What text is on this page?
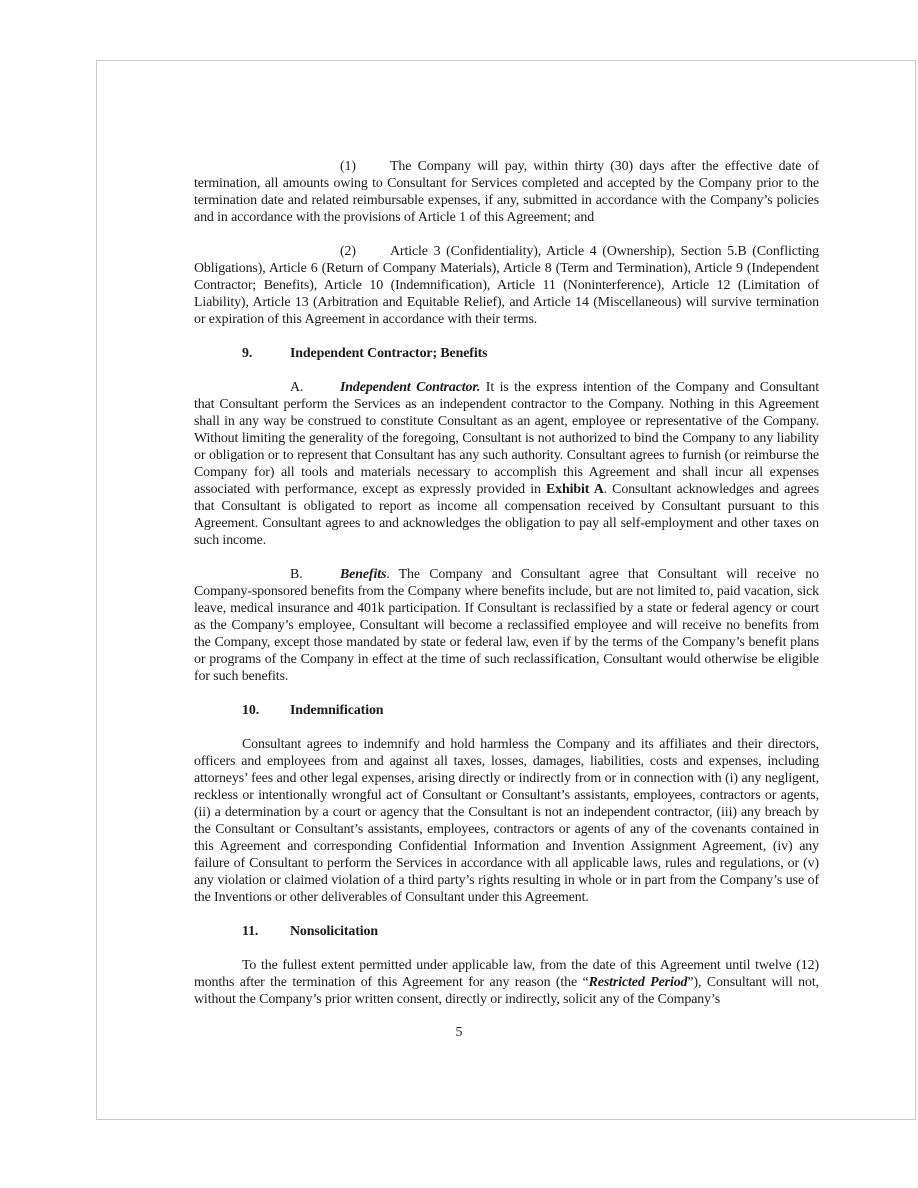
(1) The Company will pay, within thirty (30) days after the effective date of termination, all amounts owing to Consultant for Services completed and accepted by the Company prior to the termination date and related reimbursable expenses, if any, submitted in accordance with the Company’s policies and in accordance with the provisions of Article 1 of this Agreement; and

(2) Article 3 (Confidentiality), Article 4 (Ownership), Section 5.B (Conflicting Obligations), Article 6 (Return of Company Materials), Article 8 (Term and Termination), Article 9 (Independent Contractor; Benefits), Article 10 (Indemnification), Article 11 (Noninterference), Article 12 (Limitation of Liability), Article 13 (Arbitration and Equitable Relief), and Article 14 (Miscellaneous) will survive termination or expiration of this Agreement in accordance with their terms.

9.	Independent Contractor; Benefits

A.	Independent Contractor. It is the express intention of the Company and Consultant that Consultant perform the Services as an independent contractor to the Company. Nothing in this Agreement shall in any way be construed to constitute Consultant as an agent, employee or representative of the Company. Without limiting the generality of the foregoing, Consultant is not authorized to bind the Company to any liability or obligation or to represent that Consultant has any such authority. Consultant agrees to furnish (or reimburse the Company for) all tools and materials necessary to accomplish this Agreement and shall incur all expenses associated with performance, except as expressly provided in Exhibit A. Consultant acknowledges and agrees that Consultant is obligated to report as income all compensation received by Consultant pursuant to this Agreement. Consultant agrees to and acknowledges the obligation to pay all self-employment and other taxes on such income.

B.	Benefits. The Company and Consultant agree that Consultant will receive no Company-sponsored benefits from the Company where benefits include, but are not limited to, paid vacation, sick leave, medical insurance and 401k participation. If Consultant is reclassified by a state or federal agency or court as the Company’s employee, Consultant will become a reclassified employee and will receive no benefits from the Company, except those mandated by state or federal law, even if by the terms of the Company’s benefit plans or programs of the Company in effect at the time of such reclassification, Consultant would otherwise be eligible for such benefits.

10. Indemnification

Consultant agrees to indemnify and hold harmless the Company and its affiliates and their directors, officers and employees from and against all taxes, losses, damages, liabilities, costs and expenses, including attorneys’ fees and other legal expenses, arising directly or indirectly from or in connection with (i) any negligent, reckless or intentionally wrongful act of Consultant or Consultant’s assistants, employees, contractors or agents, (ii) a determination by a court or agency that the Consultant is not an independent contractor, (iii) any breach by the Consultant or Consultant’s assistants, employees, contractors or agents of any of the covenants contained in this Agreement and corresponding Confidential Information and Invention Assignment Agreement, (iv) any failure of Consultant to perform the Services in accordance with all applicable laws, rules and regulations, or (v) any violation or claimed violation of a third party’s rights resulting in whole or in part from the Company’s use of the Inventions or other deliverables of Consultant under this Agreement.

11. Nonsolicitation

To the fullest extent permitted under applicable law, from the date of this Agreement until twelve (12) months after the termination of this Agreement for any reason (the “Restricted Period”), Consultant will not, without the Company’s prior written consent, directly or indirectly, solicit any of the Company’s

5
